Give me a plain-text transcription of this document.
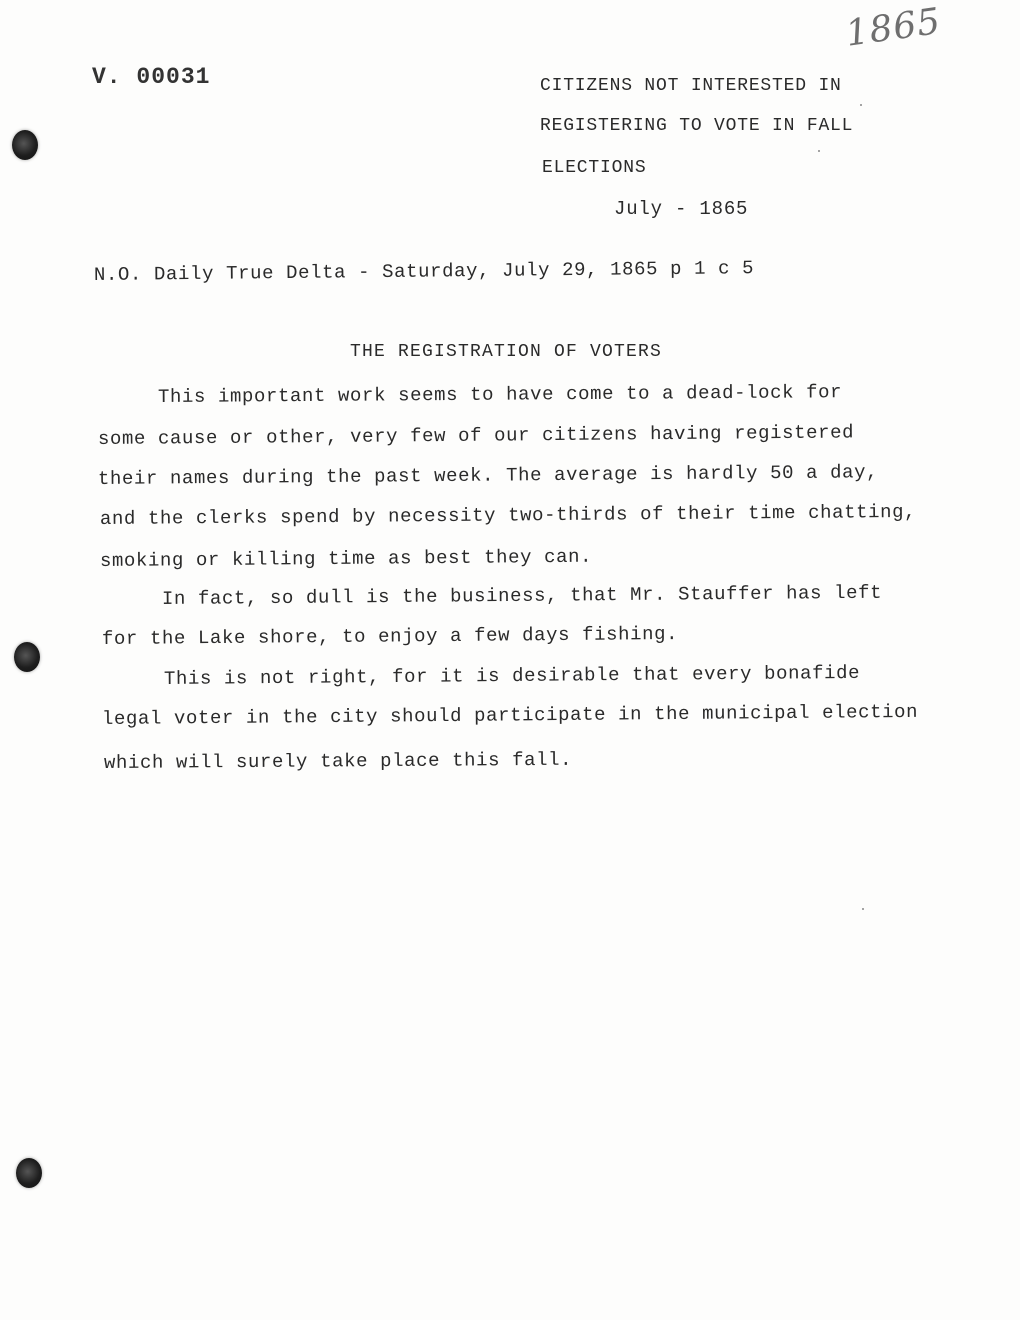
1865
V. 00031	CITIZENS NOT INTERESTED IN
REGISTERING TO VOTE IN FALL
ELECTIONS
July - 1865
N.O. Daily True Delta - Saturday, July 29, 1865 p 1 c 5
THE REGISTRATION OF VOTERS
This important work seems to have come to a dead-lock for
some cause or other, very few of our citizens having registered
their names during the past week. The average is hardly 50 a day,
and the clerks spend by necessity two-thirds of their time chatting,
smoking or killing time as best they can.
In fact, so dull is the business, that Mr. Stauffer has left
for the Lake shore, to enjoy a few days fishing.
This is not right, for it is desirable that every bonafide
legal voter in the city should participate in the municipal election
which will surely take place this fall.
